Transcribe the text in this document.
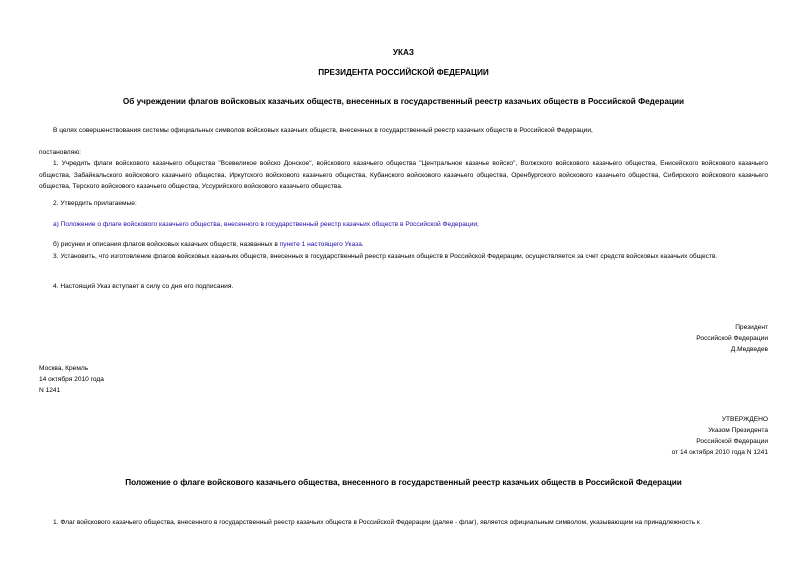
УКАЗ
ПРЕЗИДЕНТА РОССИЙСКОЙ ФЕДЕРАЦИИ
Об учреждении флагов войсковых казачьих обществ, внесенных в государственный реестр казачьих обществ в Российской Федерации
В целях совершенствования системы официальных символов войсковых казачьих обществ, внесенных в государственный реестр казачьих обществ в Российской Федерации,
постановляю:
1. Учредить флаги войскового казачьего общества "Всевеликое войско Донское", войскового казачьего общества "Центральное казачье войско", Волжского войскового казачьего общества, Енисейского войскового казачьего общества, Забайкальского войскового казачьего общества, Иркутского войскового казачьего общества, Кубанского войскового казачьего общества, Оренбургского войскового казачьего общества, Сибирского войскового казачьего общества, Терского войскового казачьего общества, Уссурийского войскового казачьего общества.
2. Утвердить прилагаемые:
а) Положение о флаге войскового казачьего общества, внесенного в государственный реестр казачьих обществ в Российской Федерации;
б) рисунки и описания флагов войсковых казачьих обществ, названных в пункте 1 настоящего Указа.
3. Установить, что изготовление флагов войсковых казачьих обществ, внесенных в государственный реестр казачьих обществ в Российской Федерации, осуществляется за счет средств войсковых казачьих обществ.
4. Настоящий Указ вступает в силу со дня его подписания.
Президент
Российской Федерации
Д.Медведев
Москва, Кремль
14 октября 2010 года
N 1241
УТВЕРЖДЕНО
Указом Президента
Российской Федерации
от 14 октября 2010 года N 1241
Положение о флаге войскового казачьего общества, внесенного в государственный реестр казачьих обществ в Российской Федерации
1. Флаг войскового казачьего общества, внесенного в государственный реестр казачьих обществ в Российской Федерации (далее - флаг), является официальным символом, указывающим на принадлежность к
